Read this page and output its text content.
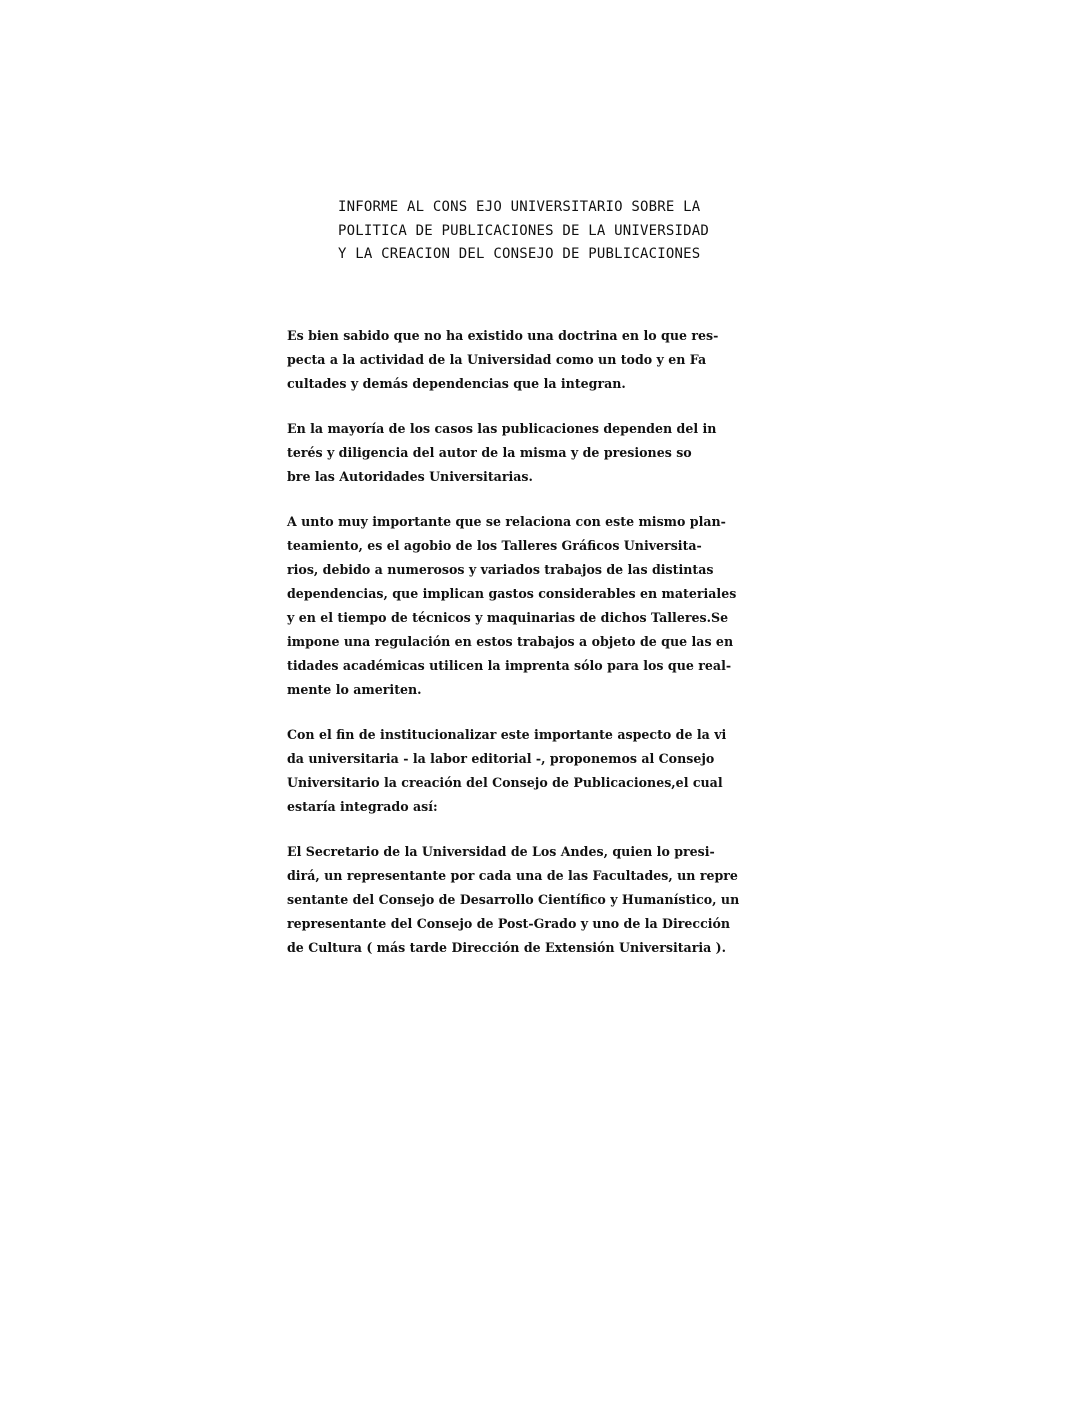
INFORME AL CONS EJO UNIVERSITARIO SOBRE LA
POLITICA DE PUBLICACIONES DE LA UNIVERSIDAD
Y LA CREACION DEL CONSEJO DE PUBLICACIONES

Es bien sabido que no ha existido una doctrina en lo que res-
pecta a la actividad de la Universidad como un todo y en Fa
cultades y demás dependencias que la integran.

En la mayoría de los casos las publicaciones dependen del in
terés y diligencia del autor de la misma y de presiones so
bre las Autoridades Universitarias.

A unto muy importante que se relaciona con este mismo plan-
teamiento, es el agobio de los Talleres Gráficos Universita-
rios, debido a numerosos y variados trabajos de las distintas
dependencias, que implican gastos considerables en materiales
y en el tiempo de técnicos y maquinarias de dichos Talleres.Se
impone una regulación en estos trabajos a objeto de que las en
tidades académicas utilicen la imprenta sólo para los que real-
mente lo ameriten.

Con el fin de institucionalizar este importante aspecto de la vi
da universitaria - la labor editorial -, proponemos al Consejo
Universitario la creación del Consejo de Publicaciones,el cual
estaría integrado así:

El Secretario de la Universidad de Los Andes, quien lo presi-
dirá, un representante por cada una de las Facultades, un repre
sentante del Consejo de Desarrollo Científico y Humanístico, un
representante del Consejo de Post-Grado y uno de la Dirección
de Cultura ( más tarde Dirección de Extensión Universitaria ).
